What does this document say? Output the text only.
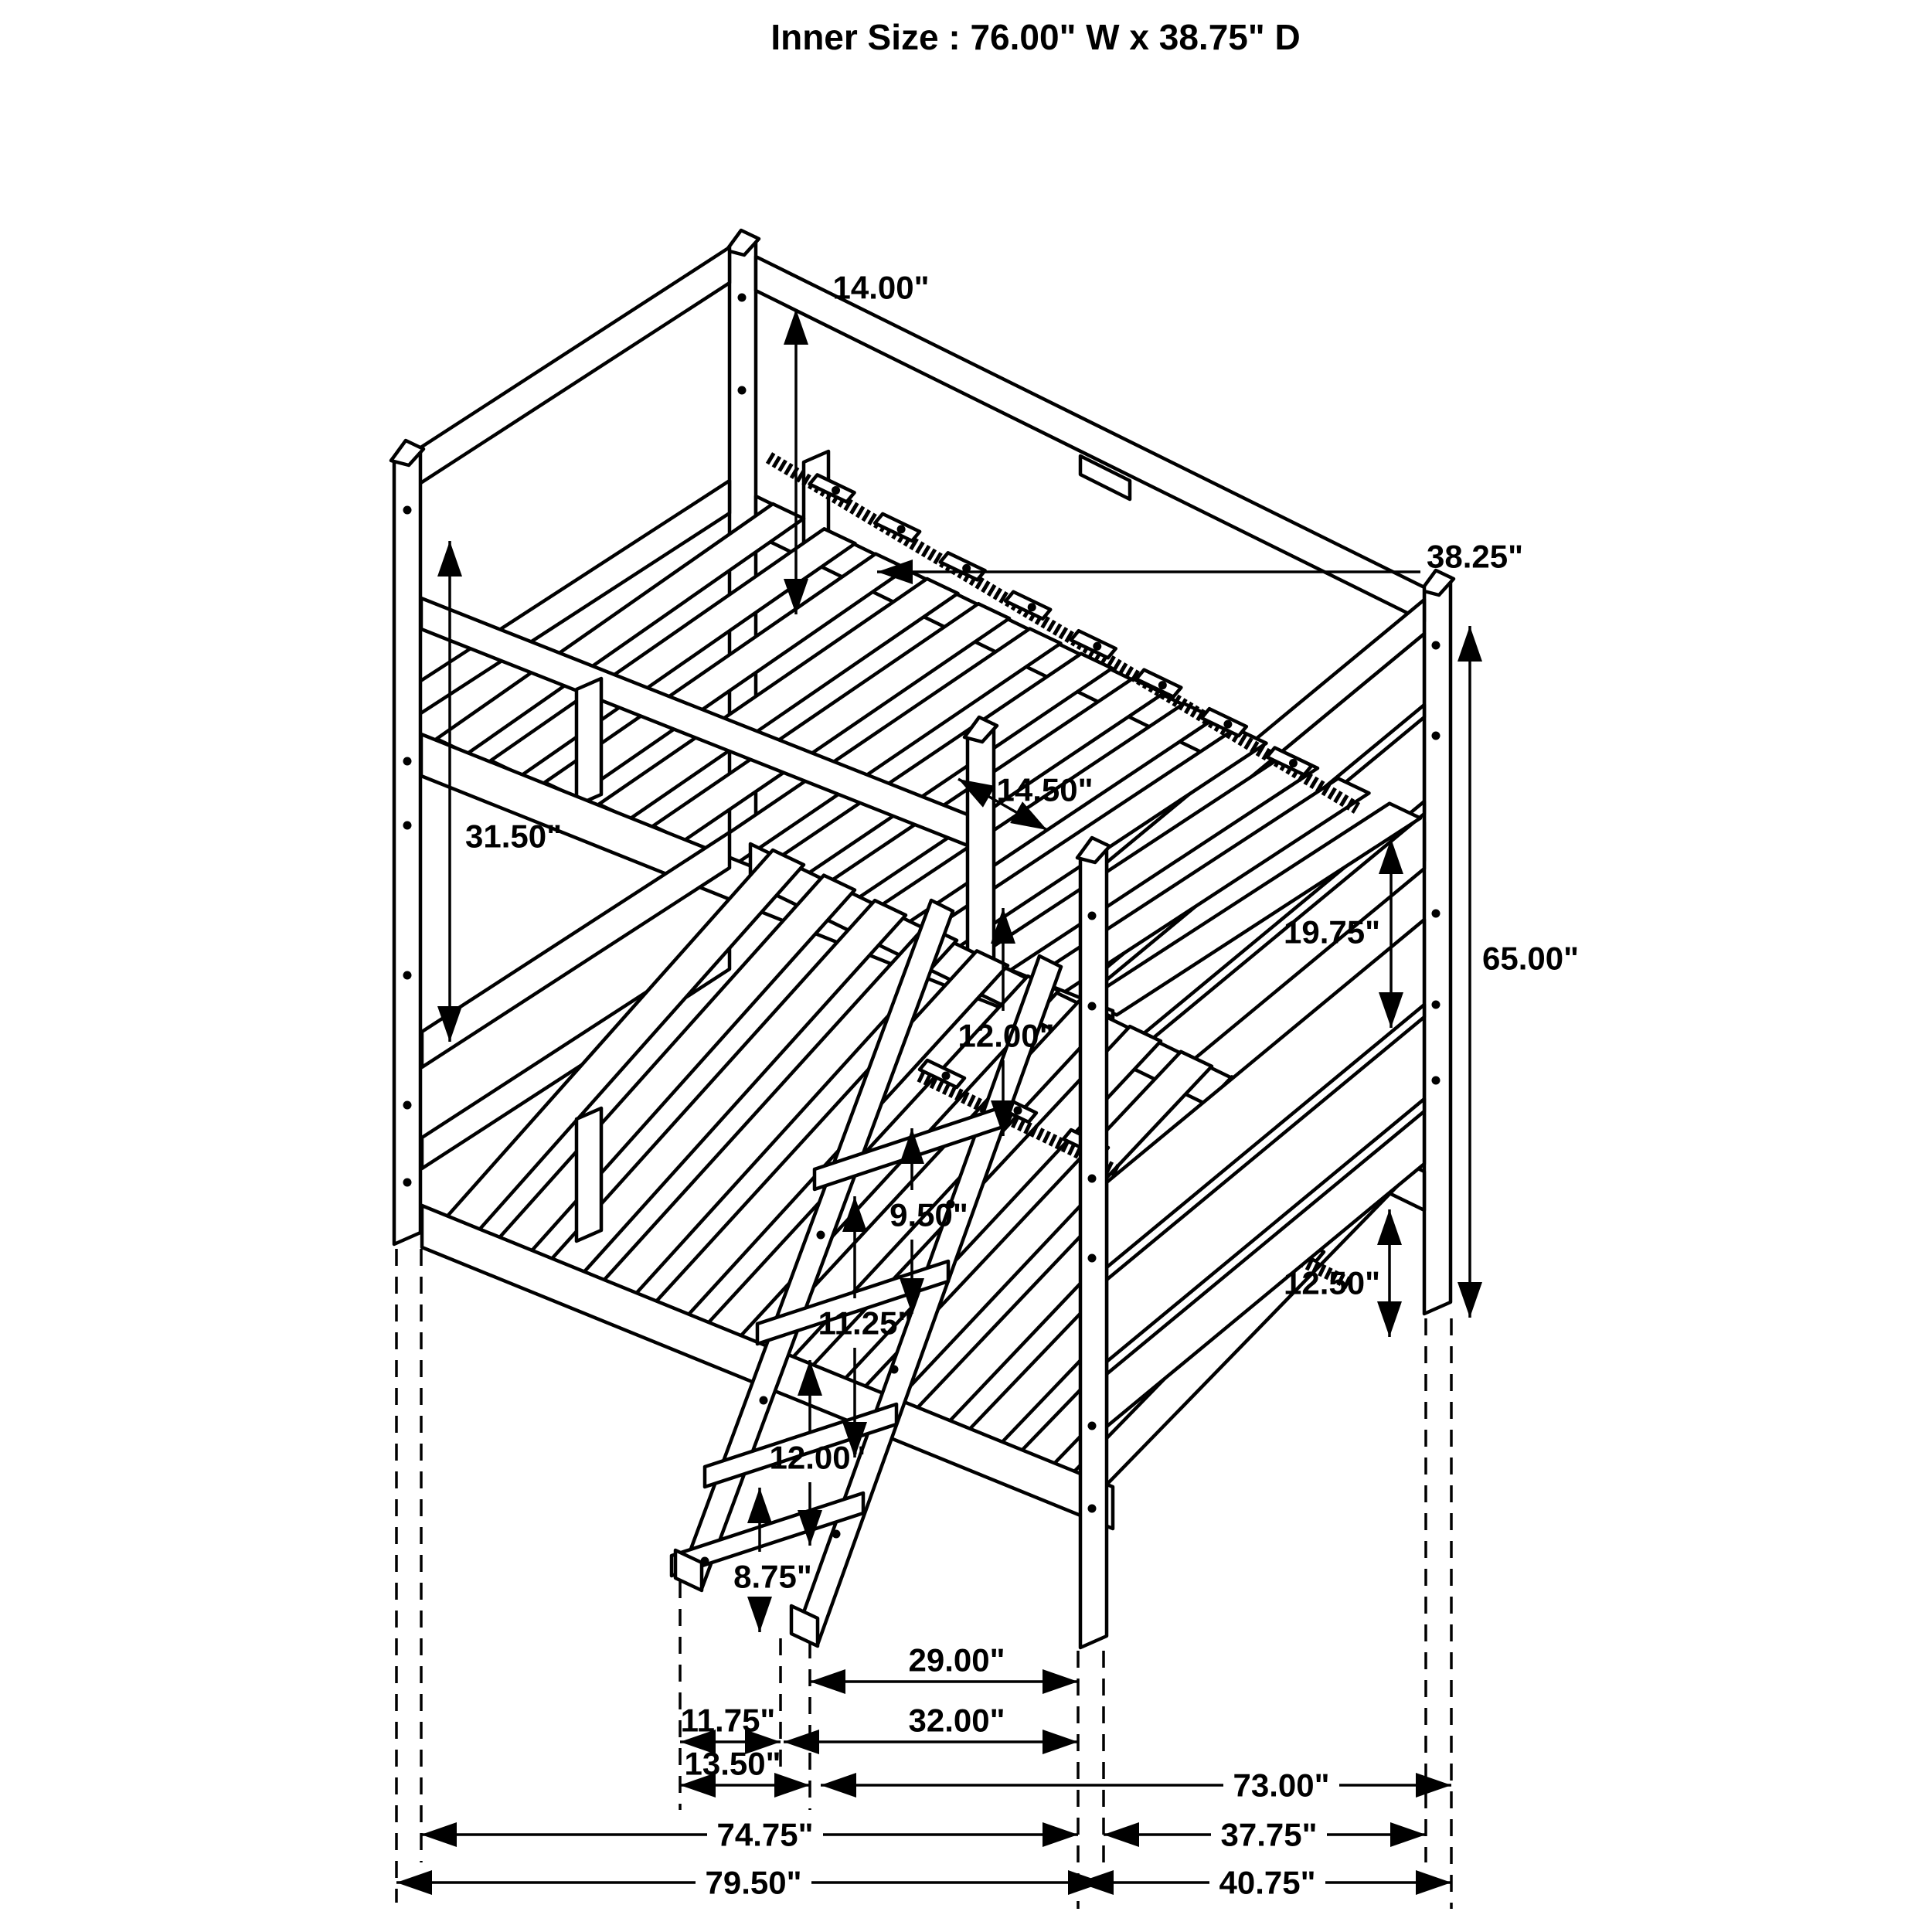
14.00"
38.25"
31.50"
14.50"
12.00"
19.75"
65.00"
9.50"
11.25"
12.00"
8.75"
12.50"
29.00"
11.75"	32.00"
13.50"
73.00"
74.75"	37.75"
79.50"	40.75"
Inner Size : 76.00" W x 38.75" D
